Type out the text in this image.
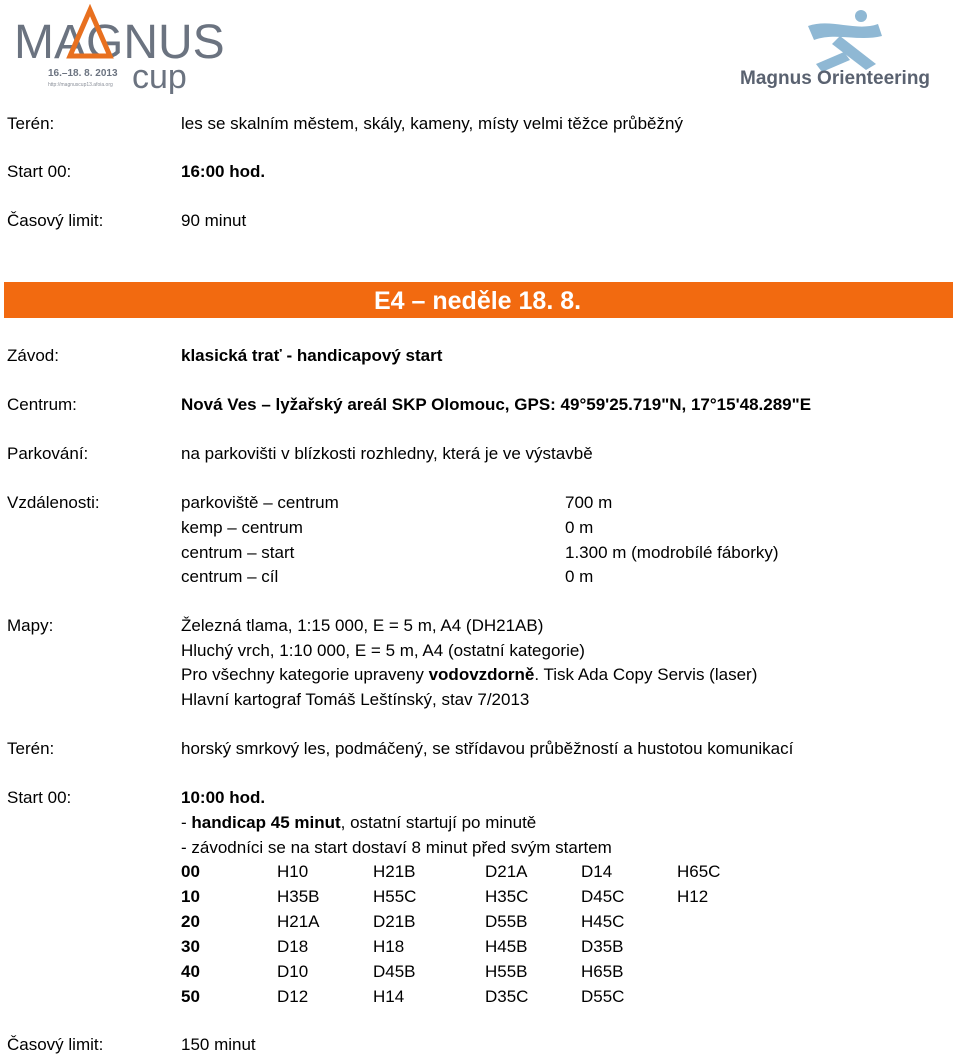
MAGNUS
cup
16.–18. 8. 2013
http://magnuscup13.afoia.org	Magnus Orienteering
Terén:	les se skalním městem, skály, kameny, místy velmi těžce průběžný
Start 00:	16:00 hod.
Časový limit:	90 minut
E4 – neděle 18. 8.
Závod:	klasická trať - handicapový start
Centrum:	Nová Ves – lyžařský areál SKP Olomouc, GPS: 49°59'25.719"N, 17°15'48.289"E
Parkování:	na parkovišti v blízkosti rozhledny, která je ve výstavbě
Vzdálenosti:	parkoviště – centrum	700 m
kemp – centrum	0 m
centrum – start	1.300 m (modrobílé fáborky)
centrum – cíl	0 m
Mapy:	Železná tlama, 1:15 000, E = 5 m, A4 (DH21AB)
Hluchý vrch, 1:10 000, E = 5 m, A4 (ostatní kategorie)
Pro všechny kategorie upraveny vodovzdorně. Tisk Ada Copy Servis (laser)
Hlavní kartograf Tomáš Leštínský, stav 7/2013
Terén:	horský smrkový les, podmáčený, se střídavou průběžností a hustotou komunikací
Start 00:	10:00 hod.
- handicap 45 minut, ostatní startují po minutě
- závodníci se na start dostaví 8 minut před svým startem
00	H10	H21B	D21A	D14	H65C
10	H35B	H55C	H35C	D45C	H12
20	H21A	D21B	D55B	H45C
30	D18	H18	H45B	D35B
40	D10	D45B	H55B	H65B
50	D12	H14	D35C	D55C
Časový limit:	150 minut
